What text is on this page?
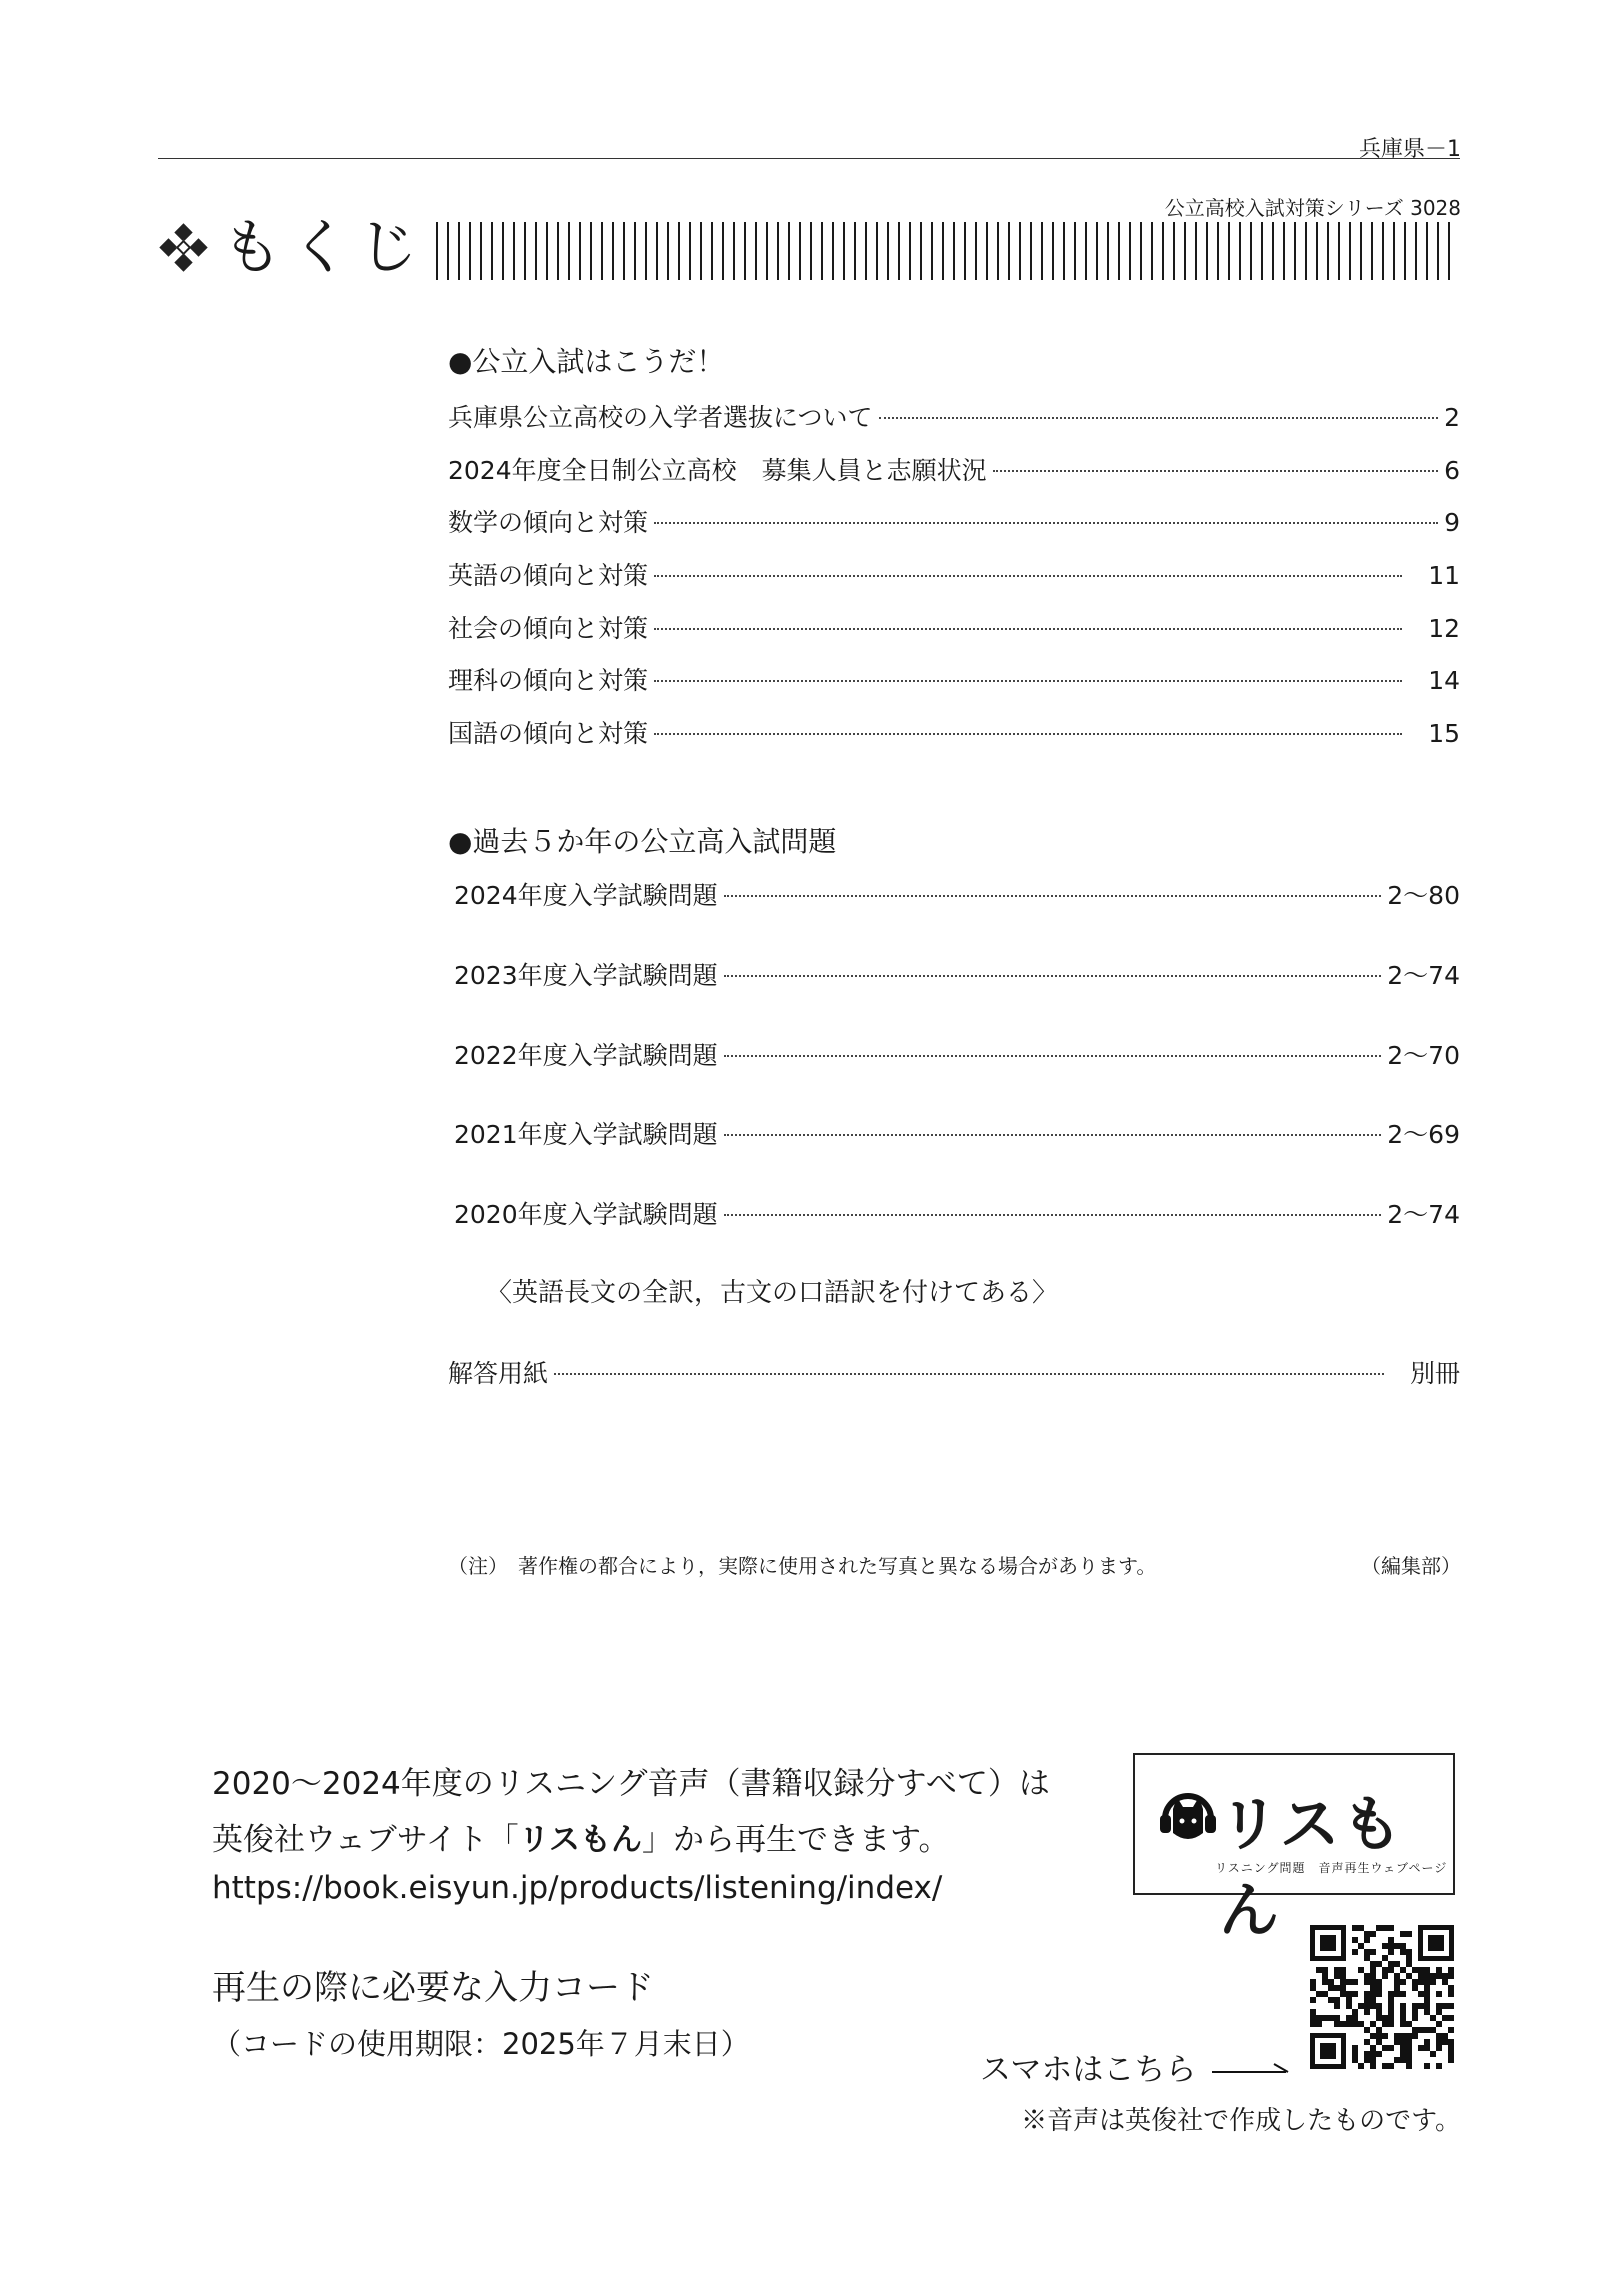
兵庫県－1
公立高校入試対策シリーズ 3028
もくじ
●公立入試はこうだ！
兵庫県公立高校の入学者選抜について	2
2024年度全日制公立高校　募集人員と志願状況	6
数学の傾向と対策	9
英語の傾向と対策	11
社会の傾向と対策	12
理科の傾向と対策	14
国語の傾向と対策	15
●過去５か年の公立高入試問題
2024年度入学試験問題	2～80
2023年度入学試験問題	2～74
2022年度入学試験問題	2～70
2021年度入学試験問題	2～69
2020年度入学試験問題	2～74
〈英語長文の全訳，古文の口語訳を付けてある〉
解答用紙	別冊
（注）　著作権の都合により，実際に使用された写真と異なる場合があります。	（編集部）
2020～2024年度のリスニング音声（書籍収録分すべて）は
英俊社ウェブサイト「リスもん」から再生できます。
https://book.eisyun.jp/products/listening/index/
再生の際に必要な入力コード
（コードの使用期限：2025年７月末日）
リスもん
リスニング問題　音声再生ウェブページ
スマホはこちら
※音声は英俊社で作成したものです。
